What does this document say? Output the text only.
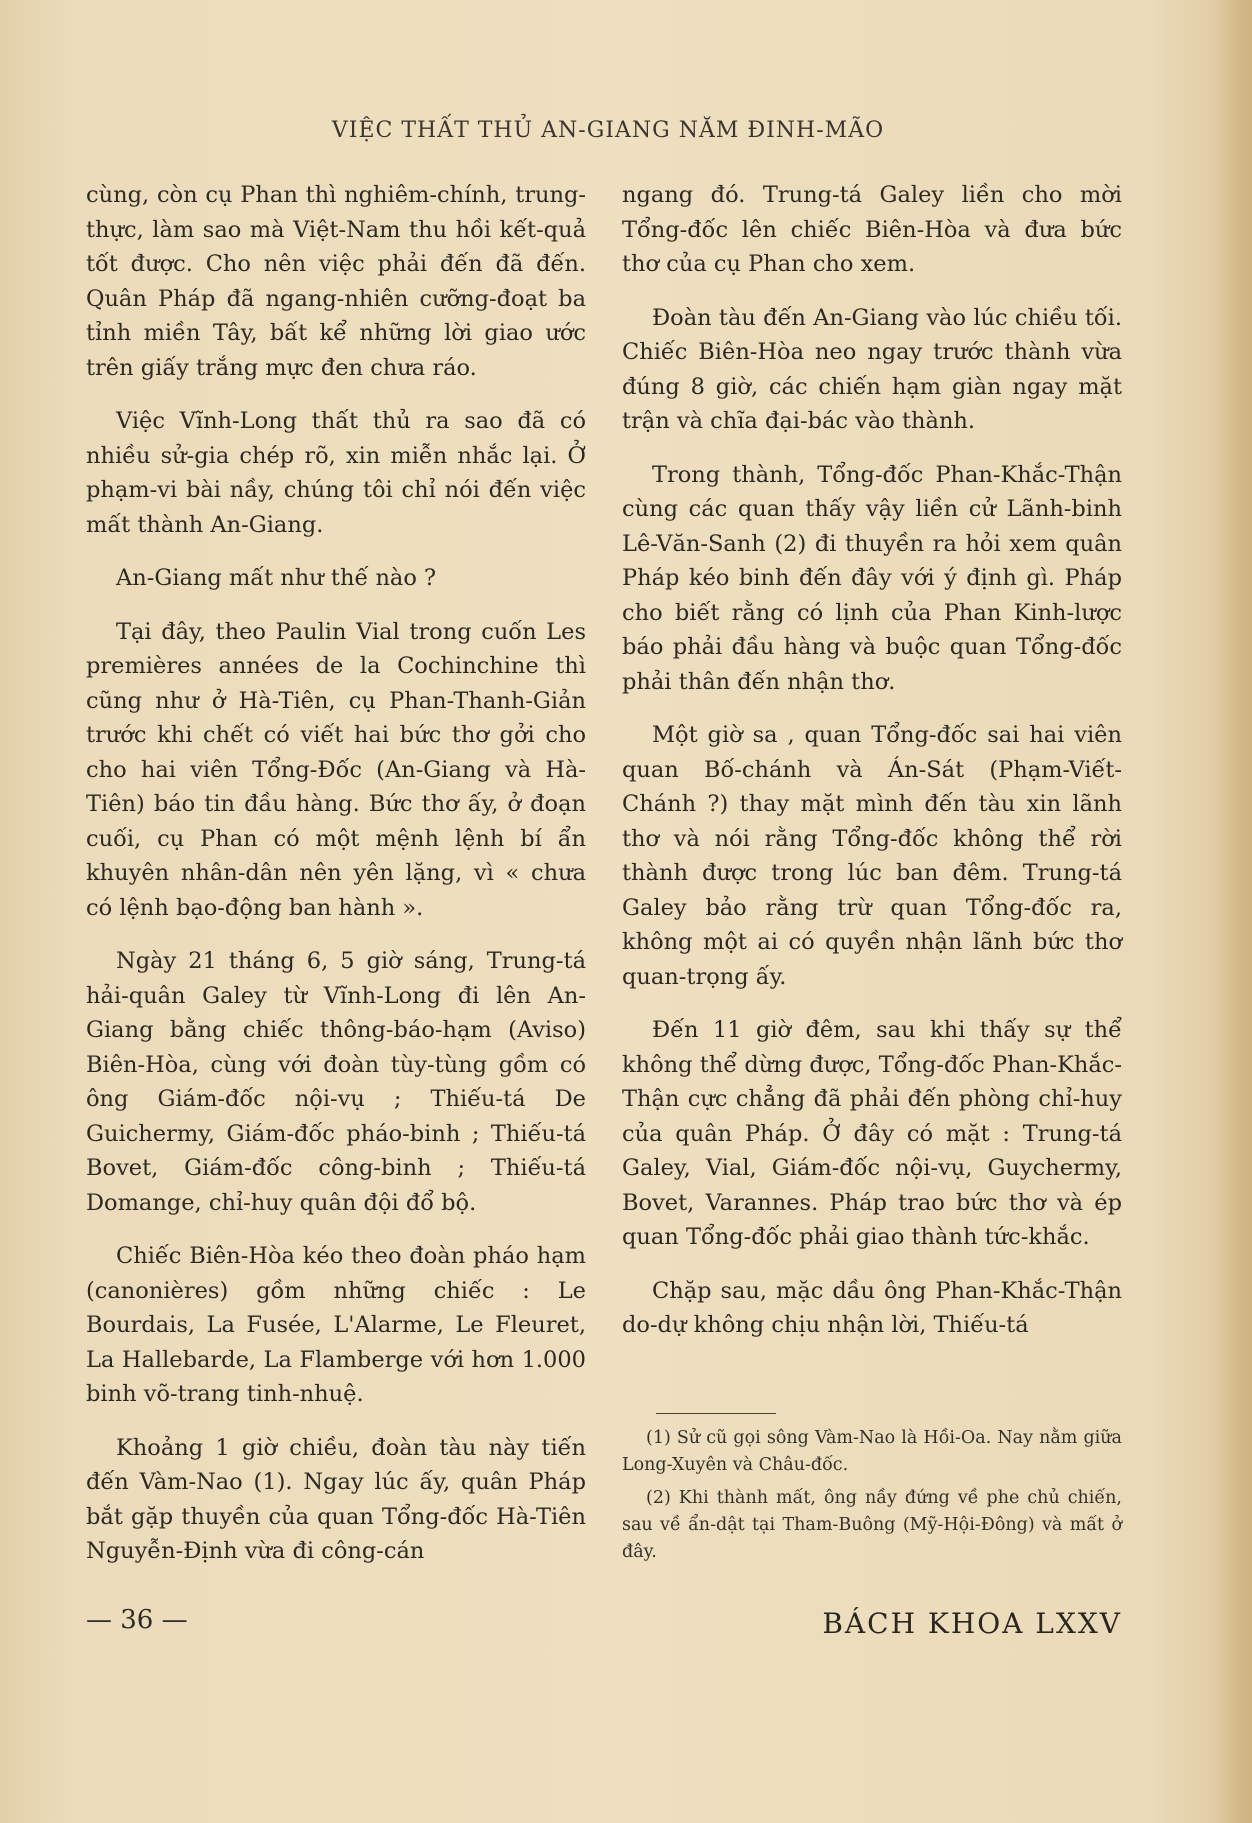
VIỆC THẤT THỦ AN-GIANG NĂM ĐINH-MÃO

cùng, còn cụ Phan thì nghiêm-chính, trung-thực, làm sao mà Việt-Nam thu hồi kết-quả tốt được. Cho nên việc phải đến đã đến. Quân Pháp đã ngang-nhiên cưỡng-đoạt ba tỉnh miền Tây, bất kể những lời giao ước trên giấy trắng mực đen chưa ráo.

Việc Vĩnh-Long thất thủ ra sao đã có nhiều sử-gia chép rõ, xin miễn nhắc lại. Ở phạm-vi bài nầy, chúng tôi chỉ nói đến việc mất thành An-Giang.

An-Giang mất như thế nào ?

Tại đây, theo Paulin Vial trong cuốn Les premières années de la Cochinchine thì cũng như ở Hà-Tiên, cụ Phan-Thanh-Giản trước khi chết có viết hai bức thơ gởi cho cho hai viên Tổng-Đốc (An-Giang và Hà-Tiên) báo tin đầu hàng. Bức thơ ấy, ở đoạn cuối, cụ Phan có một mệnh lệnh bí ẩn khuyên nhân-dân nên yên lặng, vì « chưa có lệnh bạo-động ban hành ».

Ngày 21 tháng 6, 5 giờ sáng, Trung-tá hải-quân Galey từ Vĩnh-Long đi lên An-Giang bằng chiếc thông-báo-hạm (Aviso) Biên-Hòa, cùng với đoàn tùy-tùng gồm có ông Giám-đốc nội-vụ ; Thiếu-tá De Guichermy, Giám-đốc pháo-binh ; Thiếu-tá Bovet, Giám-đốc công-binh ; Thiếu-tá Domange, chỉ-huy quân đội đổ bộ.

Chiếc Biên-Hòa kéo theo đoàn pháo hạm (canonières) gồm những chiếc : Le Bourdais, La Fusée, L'Alarme, Le Fleuret, La Hallebarde, La Flamberge với hơn 1.000 binh võ-trang tinh-nhuệ.

Khoảng 1 giờ chiều, đoàn tàu này tiến đến Vàm-Nao (1). Ngay lúc ấy, quân Pháp bắt gặp thuyền của quan Tổng-đốc Hà-Tiên Nguyễn-Định vừa đi công-cán

ngang đó. Trung-tá Galey liền cho mời Tổng-đốc lên chiếc Biên-Hòa và đưa bức thơ của cụ Phan cho xem.

Đoàn tàu đến An-Giang vào lúc chiều tối. Chiếc Biên-Hòa neo ngay trước thành vừa đúng 8 giờ, các chiến hạm giàn ngay mặt trận và chĩa đại-bác vào thành.

Trong thành, Tổng-đốc Phan-Khắc-Thận cùng các quan thấy vậy liền cử Lãnh-binh Lê-Văn-Sanh (2) đi thuyền ra hỏi xem quân Pháp kéo binh đến đây với ý định gì. Pháp cho biết rằng có lịnh của Phan Kinh-lược báo phải đầu hàng và buộc quan Tổng-đốc phải thân đến nhận thơ.

Một giờ sa , quan Tổng-đốc sai hai viên quan Bố-chánh và Án-Sát (Phạm-Viết-Chánh ?) thay mặt mình đến tàu xin lãnh thơ và nói rằng Tổng-đốc không thể rời thành được trong lúc ban đêm. Trung-tá Galey bảo rằng trừ quan Tổng-đốc ra, không một ai có quyền nhận lãnh bức thơ quan-trọng ấy.

Đến 11 giờ đêm, sau khi thấy sự thể không thể dừng được, Tổng-đốc Phan-Khắc-Thận cực chẳng đã phải đến phòng chỉ-huy của quân Pháp. Ở đây có mặt : Trung-tá Galey, Vial, Giám-đốc nội-vụ, Guychermy, Bovet, Varannes. Pháp trao bức thơ và ép quan Tổng-đốc phải giao thành tức-khắc.

Chặp sau, mặc dầu ông Phan-Khắc-Thận do-dự không chịu nhận lời, Thiếu-tá

(1) Sử cũ gọi sông Vàm-Nao là Hồi-Oa. Nay nằm giữa Long-Xuyên và Châu-đốc.

(2) Khi thành mất, ông nầy đứng về phe chủ chiến, sau về ẩn-dật tại Tham-Buông (Mỹ-Hội-Đông) và mất ở đây.

— 36 —	BÁCH KHOA LXXV
